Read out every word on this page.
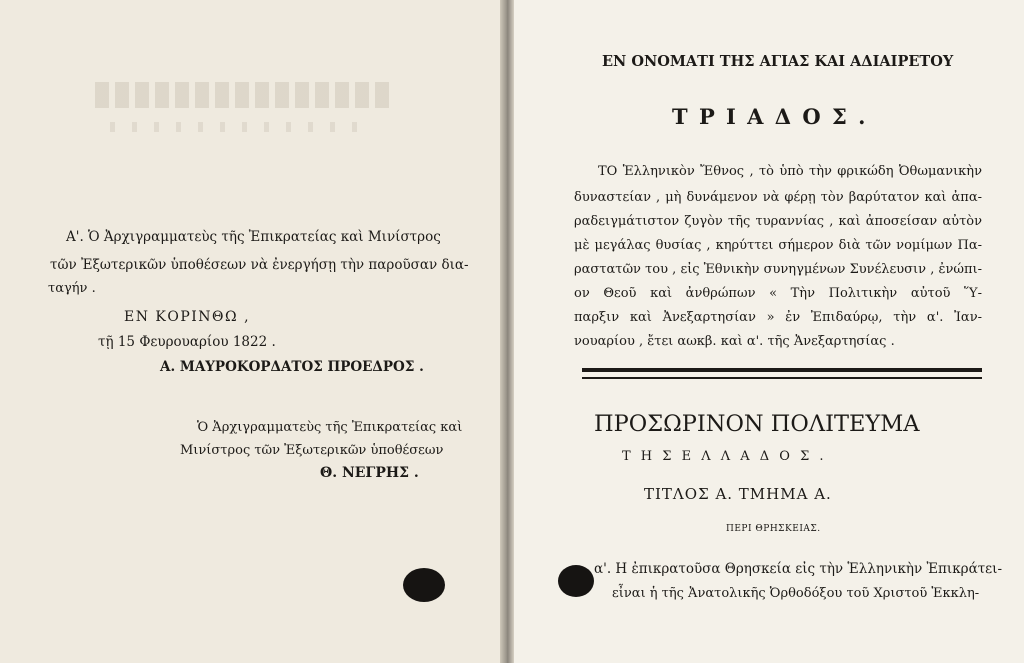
Α'. Ὁ Ἀρχιγραμματεὺς τῆς Ἐπικρατείας καὶ Μινίστρος
τῶν Ἐξωτερικῶν ὑποθέσεων νὰ ἐνεργήσῃ τὴν παροῦσαν δια-
ταγήν .
ΕΝ ΚΟΡΙΝΘΩ ,
τῇ 15 Φευρουαρίου 1822 .
Α. ΜΑΥΡΟΚΟΡΔΑΤΟΣ ΠΡΟΕΔΡΟΣ .
Ὁ Ἀρχιγραμματεὺς τῆς Ἐπικρατείας καὶ
Μινίστρος τῶν Ἐξωτερικῶν ὑποθέσεων
Θ. ΝΕΓΡΗΣ .
ΕΝ ΟΝΟΜΑΤΙ ΤΗΣ ΑΓΙΑΣ ΚΑΙ ΑΔΙΑΙΡΕΤΟΥ
Τ Ρ Ι Α Δ Ο Σ .
ΤΟ Ἑλληνικὸν Ἔθνος , τὸ ὑπὸ τὴν φρικώδη Ὀθωμανικὴν
δυναστείαν , μὴ δυνάμενον νὰ φέρῃ τὸν βαρύτατον καὶ ἀπα-
ραδειγμάτιστον ζυγὸν τῆς τυραννίας , καὶ ἀποσείσαν αὐτὸν
μὲ μεγάλας θυσίας , κηρύττει σήμερον διὰ τῶν νομίμων Πα-
ραστατῶν του , εἰς Ἐθνικὴν συνηγμένων Συνέλευσιν , ἐνώπι-
ον Θεοῦ καὶ ἀνθρώπων « Τὴν Πολιτικὴν αὐτοῦ Ὕ-
παρξιν καὶ Ἀνεξαρτησίαν » ἐν Ἐπιδαύρῳ, τὴν α'. Ἰαν-
νουαρίου , ἔτει αωκβ. καὶ α'. τῆς Ἀνεξαρτησίας .
ΠΡΟΣΩΡΙΝΟΝ ΠΟΛΙΤΕΥΜΑ
Τ Η Σ Ε Λ Λ Α Δ Ο Σ .
ΤΙΤΛΟΣ Α. ΤΜΗΜΑ Α.
ΠΕΡΙ ΘΡΗΣΚΕΙΑΣ.
α'. Η ἐπικρατοῦσα Θρησκεία εἰς τὴν Ἑλληνικὴν Ἐπικράτει-
εἶναι ἡ τῆς Ἀνατολικῆς Ὀρθοδόξου τοῦ Χριστοῦ Ἐκκλη-
